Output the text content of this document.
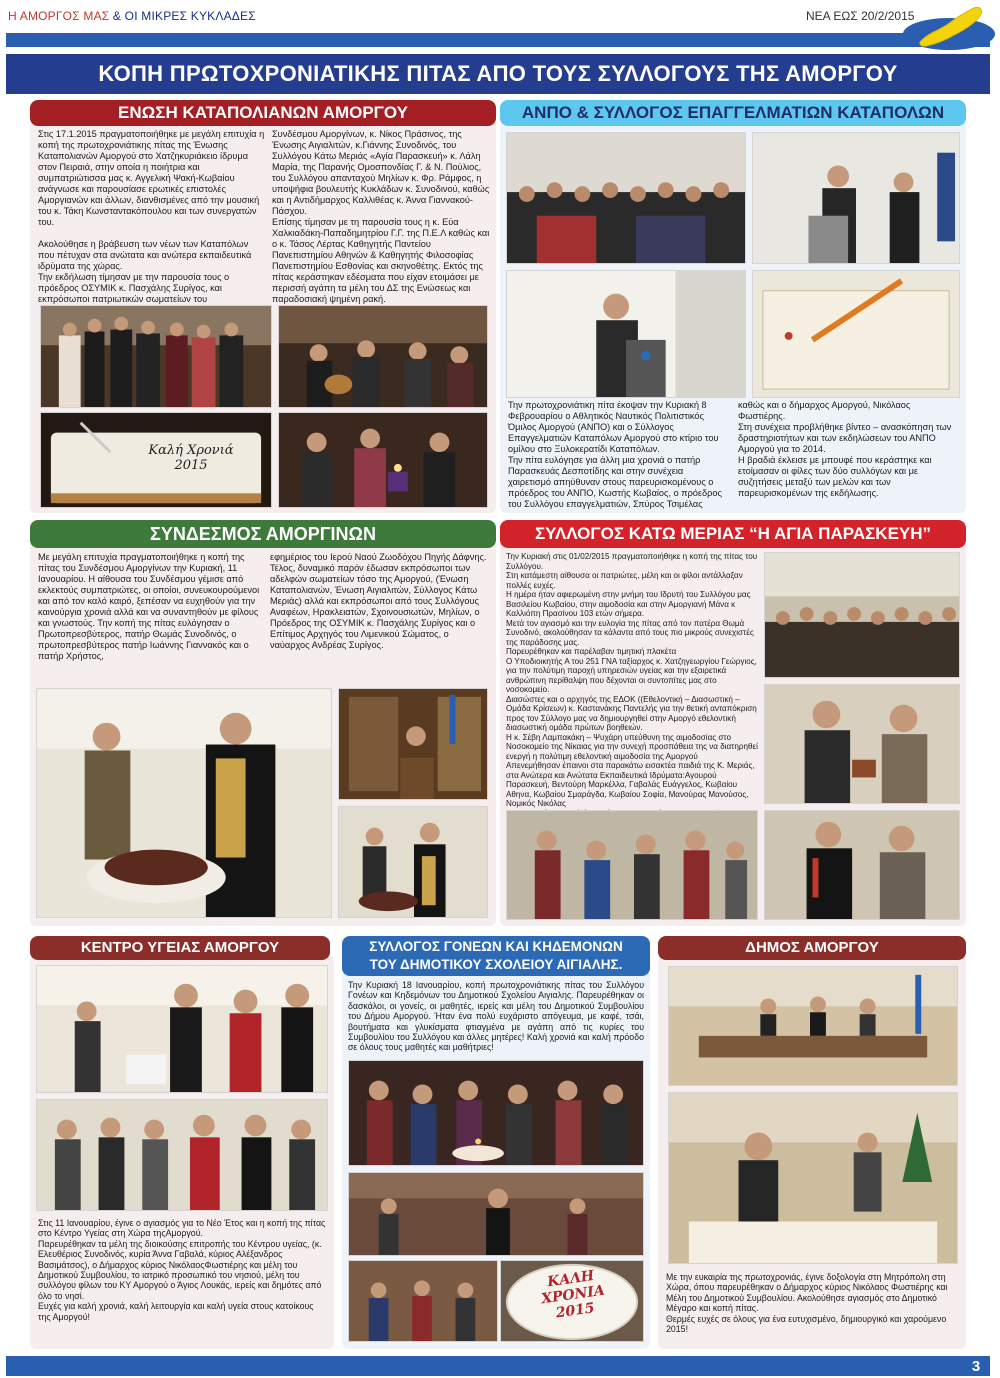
Η ΑΜΟΡΓΟΣ ΜΑΣ & ΟΙ ΜΙΚΡΕΣ ΚΥΚΛΑΔΕΣ	ΝΕΑ ΕΩΣ 20/2/2015
ΚΟΠΗ ΠΡΩΤΟΧΡΟΝΙΑΤΙΚΗΣ ΠΙΤΑΣ ΑΠΟ ΤΟΥΣ ΣΥΛΛΟΓΟΥΣ ΤΗΣ ΑΜΟΡΓΟΥ
ΕΝΩΣΗ ΚΑΤΑΠΟΛΙΑΝΩΝ ΑΜΟΡΓΟΥ

Στις 17.1.2015 πραγματοποιήθηκε με μεγάλη επιτυχία η κοπή της πρωτοχρονιάτικης πίτας της Ένωσης Καταπολιανών Αμοργού στο Χατζηκυριάκειο ίδρυμα στον Πειραιά, στην οποία η ποιήτρια και συμπατριώτισσα μας κ. Αγγελική Ψακή-Κωβαίου ανάγνωσε και παρουσίασε ερωτικές επιστολές Αμοργιανών και άλλων, διανθισμένες από την μουσική του κ. Τάκη Κωνσταντακόπουλου και των συνεργατών του.

Ακολούθησε η βράβευση των νέων των Καταπόλων που πέτυχαν στα ανώτατα και ανώτερα εκπαιδευτικά ιδρύματα της χώρας.

Την εκδήλωση τίμησαν με την παρουσία τους ο πρόεδρος ΟΣΥΜΙΚ κ. Πασχάλης Συρίγος, και εκπρόσωποι πατριωτικών σωματείων του

Συνδέσμου Αμοργίνων, κ. Νίκος Πράσινος, της Ένωσης Αιγιαλιτών, κ.Γιάννης Συνοδινός, του Συλλόγου Κάτω Μεριάς «Αγία Παρασκευή» κ. Λάλη Μαρία, της Παρανής Ομοσπονδίας Γ. & Ν. Πούλιος, του Συλλόγου απανταχού Μηλίων κ. Φρ. Ράμφος, η υποψήφια βουλευτής Κυκλάδων κ. Συνοδινού, καθώς και η Αντιδήμαρχος Καλλιθέας κ. Άννα Γιαννακού-Πάσχου.

Επίσης τίμησαν με τη παρουσία τους η κ. Εύα Χαλκιαδάκη-Παπαδημητρίου Γ.Γ. της Π.Ε.Λ καθώς και ο κ. Τάσος Λέρτας Καθηγητής Παντείου Πανεπιστημίου Αθηνών & Καθηγητής Φιλοσοφίας Πανεπιστημίου Εσθονίας και σκηνοθέτης. Εκτός της πίτας κεράστηκαν εδέσματα που είχαν ετοιμάσει με περισσή αγάπη τα μέλη του ΔΣ της Ενώσεως και παραδοσιακή ψημένη ρακή.

Καλή Χρονιά 2015
ΑΝΠΟ & ΣΥΛΛΟΓΟΣ ΕΠΑΓΓΕΛΜΑΤΙΩΝ ΚΑΤΑΠΟΛΩΝ

Την πρωτοχρονιάτικη πίτα έκοψαν την Κυριακή 8 Φεβρουαρίου ο Αθλητικός Ναυτικός Πολιτιστικός Όμιλος Αμοργού (ΑΝΠΟ) και ο Σύλλογος Επαγγελματιών Καταπόλων Αμοργού στο κτίριο του ομίλου στο Ξυλοκερατίδι Καταπόλων.

Την πίτα ευλόγησε για άλλη μια χρονιά ο πατήρ Παρασκευάς Δεσποτίδης και στην συνέχεια χαιρετισμό απηύθυναν στους παρευρισκομένους ο πρόεδρος του ΑΝΠΟ, Κωστής Κωβαίος, ο πρόεδρος του Συλλόγου επαγγελματιών, Σπύρος Τσιμέλας

καθώς και ο δήμαρχος Αμοργού, Νικόλαος Φωστιέρης.

Στη συνέχεια προβλήθηκε βίντεο – ανασκόπηση των δραστηριοτήτων και των εκδηλώσεων του ΑΝΠΟ Αμοργού για το 2014.

Η βραδιά έκλεισε με μπουφέ που κεράστηκε και ετοίμασαν οι φίλες των δύο συλλόγων και με συζητήσεις μεταξύ των μελών και των παρευρισκομένων της εκδήλωσης.

ΣΥΝΔΕΣΜΟΣ ΑΜΟΡΓΙΝΩΝ

Με μεγάλη επιτυχία πραγματοποιήθηκε η κοπή της πίτας του Συνδέσμου Αμοργίνων την Κυριακή, 11 Ιανουαρίου. Η αίθουσα του Συνδέσμου γέμισε από εκλεκτούς συμπατριώτες, οι οποίοι, συνευκουρούμενοι και από τον καλό καιρό, ξεπέσαν να ευχηθούν για την καινούργια χρονιά αλλά και να συναντηθούν με φίλους και γνωστούς. Την κοπή της πίτας ευλόγησαν ο Πρωτοπρεσβύτερος, πατήρ Θωμάς Συνοδινός, ο πρωτοπρεσβύτερος πατήρ Ιωάννης Γιαννακός και ο πατήρ Χρήστος,

εφημέριος του Ιερού Ναού Ζωοδόχου Πηγής Δάφνης. Τέλος, δυναμικό παρόν έδωσαν εκπρόσωποι των αδελφών σωματείων τόσο της Αμοργού, (Ένωση Καταπολιανών, Ένωση Αιγιαλιτών, Σύλλογος Κάτω Μεριάς) αλλά και εκπρόσωποι από τους Συλλόγους Αναφέων, Ηρακλειατών, Σχοινουσιωτών, Μηλίων, ο Πρόεδρος της ΟΣΥΜΙΚ κ. Πασχάλης Συρίγος και ο Επίτιμος Αρχηγός του Λιμενικού Σώματος, ο ναύαρχος Ανδρέας Συρίγος.

ΣΥΛΛΟΓΟΣ ΚΑΤΩ ΜΕΡΙΑΣ “Η ΑΓΙΑ ΠΑΡΑΣΚΕΥΗ”

Την Κυριακή στις 01/02/2015 πραγματοποιήθηκε η κοπή της πίτας του Συλλόγου.

Στη κατάμεστη αίθουσα οι πατριώτες, μέλη και οι φίλοι αντάλλαξαν πολλές ευχές.

Η ημέρα ήταν αφιερωμένη στην μνήμη του Ιδρυτή του Συλλόγου μας Βασιλείου Κωβαίου, στην αιμοδοσία και στην Αμοργιανή Μάνα κ Καλλιόπη Πρασίνου 103 ετών σήμερα.

Μετά τον αγιασμό και την ευλογία της πίτας από τον πατέρα Θωμά Συνοδινό, ακολούθησαν τα κάλαντα από τους πιο μικρούς συνεχιστές της παράδοσης μας.

Παρευρέθηκαν και παρέλαβαν τιμητική πλακέτα

Ο Υποδιοικητής Α του 251 ΓΝΑ ταξίαρχος κ. Χατζηγεωργίου Γεώργιος, για την πολύτιμη παροχή υπηρεσιών υγείας και την εξαιρετικά ανθρώπινη περίθαλψη που δέχονται οι συντοπίτες μας στο νοσοκομείο.

Διασώστες και ο αρχηγός της ΕΔΟΚ ((Εθελοντική – Διασωστική – Ομάδα Κρίσεων) κ. Καστανάκης Παντελής για την θετική ανταπόκριση προς τον Σύλλογο μας να δημιουργηθεί στην Αμοργό εθελοντική διασωστική ομάδα πρώτων βοηθειών.

Η κ. Σέβη Λαμπακάκη – Ψυχάρη υπεύθυνη της αιμοδοσίας στο Νοσοκομείο της Νίκαιας για την συνεχή προσπάθεια της να διατηρηθεί ενεργή η πολύτιμη εθελοντική αιμοδοσία της Αμοργού

Απενεμήθησαν έπαινοι στα παρακάτω εισακτέα παιδιά της Κ. Μεριάς, στα Ανώτερα και Ανώτατα Εκπαιδευτικά Ιδρύματα:Αγουρού Παρασκευή, Βεντούρη Μαρκέλλα, Γαβαλάς Ευάγγελος, Κωβαίου Αθηνα, Κωβαίου Σμαράγδα, Κωβαίου Σοφία, Μανούρας Μανούσος, Νομικός Νικόλας

ΚΕΝΤΡΟ ΥΓΕΙΑΣ ΑΜΟΡΓΟΥ

Στις 11 Ιανουαρίου, έγινε ο αγιασμός για το Νέο Έτος και η κοπή της πίτας στο Κέντρο Υγείας στη Χώρα τηςΑμοργού.

Παρευρέθηκαν τα μέλη της διοικούσης επιτροπής του Κέντρου υγείας, (κ. Ελευθέριος Συνοδινός, κυρία Άννα Γαβαλά, κύριος Αλέξανδρος Βασιμάτσος), ο Δήμαρχος κύριος ΝικόλαοςΦωστιέρης και μέλη του Δημοτικού Συμβουλίου, το ιατρικό προσωπικό του νησιού, μέλη του συλλόγου φίλων του ΚΥ Αμοργού ο Άγιος Λουκάς, ιερείς και δημότες από όλο το νησί.

Ευχές για καλή χρονιά, καλή λειτουργία και καλή υγεία στους κατοίκους της Αμοργού!

ΣΥΛΛΟΓΟΣ ΓΟΝΕΩΝ ΚΑΙ ΚΗΔΕΜΟΝΩΝ
ΤΟΥ ΔΗΜΟΤΙΚΟΥ ΣΧΟΛΕΙΟΥ ΑΙΓΙΑΛΗΣ.

Την Κυριακή 18 Ιανουαρίου, κοπή πρωτοχρονιάτικης πίτας του Συλλόγου Γονέων και Κηδεμόνων του Δημοτικού Σχολείου Αιγιαλης. Παρευρέθηκαν οι δασκάλοι, οι γονείς, οι μαθητές, ιερείς και μέλη του Δημοτικού Συμβουλίου του Δήμου Αμοργού. Ήταν ένα πολύ ευχάριστο απόγευμα, με καφέ, τσάι, βουτήματα και γλυκίσματα φτιαγμένα με αγάπη από τις κυρίες του Συμβουλίου του Συλλόγου και άλλες μητέρες! Καλή χρονιά και καλή πρόοδο σε όλους τους μαθητές και μαθήτριες!

ΚΑΛΗ ΧΡΟΝΙΑ 2015
ΔΗΜΟΣ ΑΜΟΡΓΟΥ

Με την ευκαιρία της πρωτοχρονιάς, έγινε δοξολογία στη Μητρόπολη στη Χώρα, όπου παρευρέθηκαν ο Δήμαρχος κύριος Νικόλαος Φωστιέρης και Μέλη του Δημοτικού Συμβουλίου. Ακολούθησε αγιασμός στο Δημοτικό Μέγαρο και κοπή πίτας.

Θερμές ευχές σε όλους για ένα ευτυχισμένο, δημιουργικό και χαρούμενο 2015!

3
